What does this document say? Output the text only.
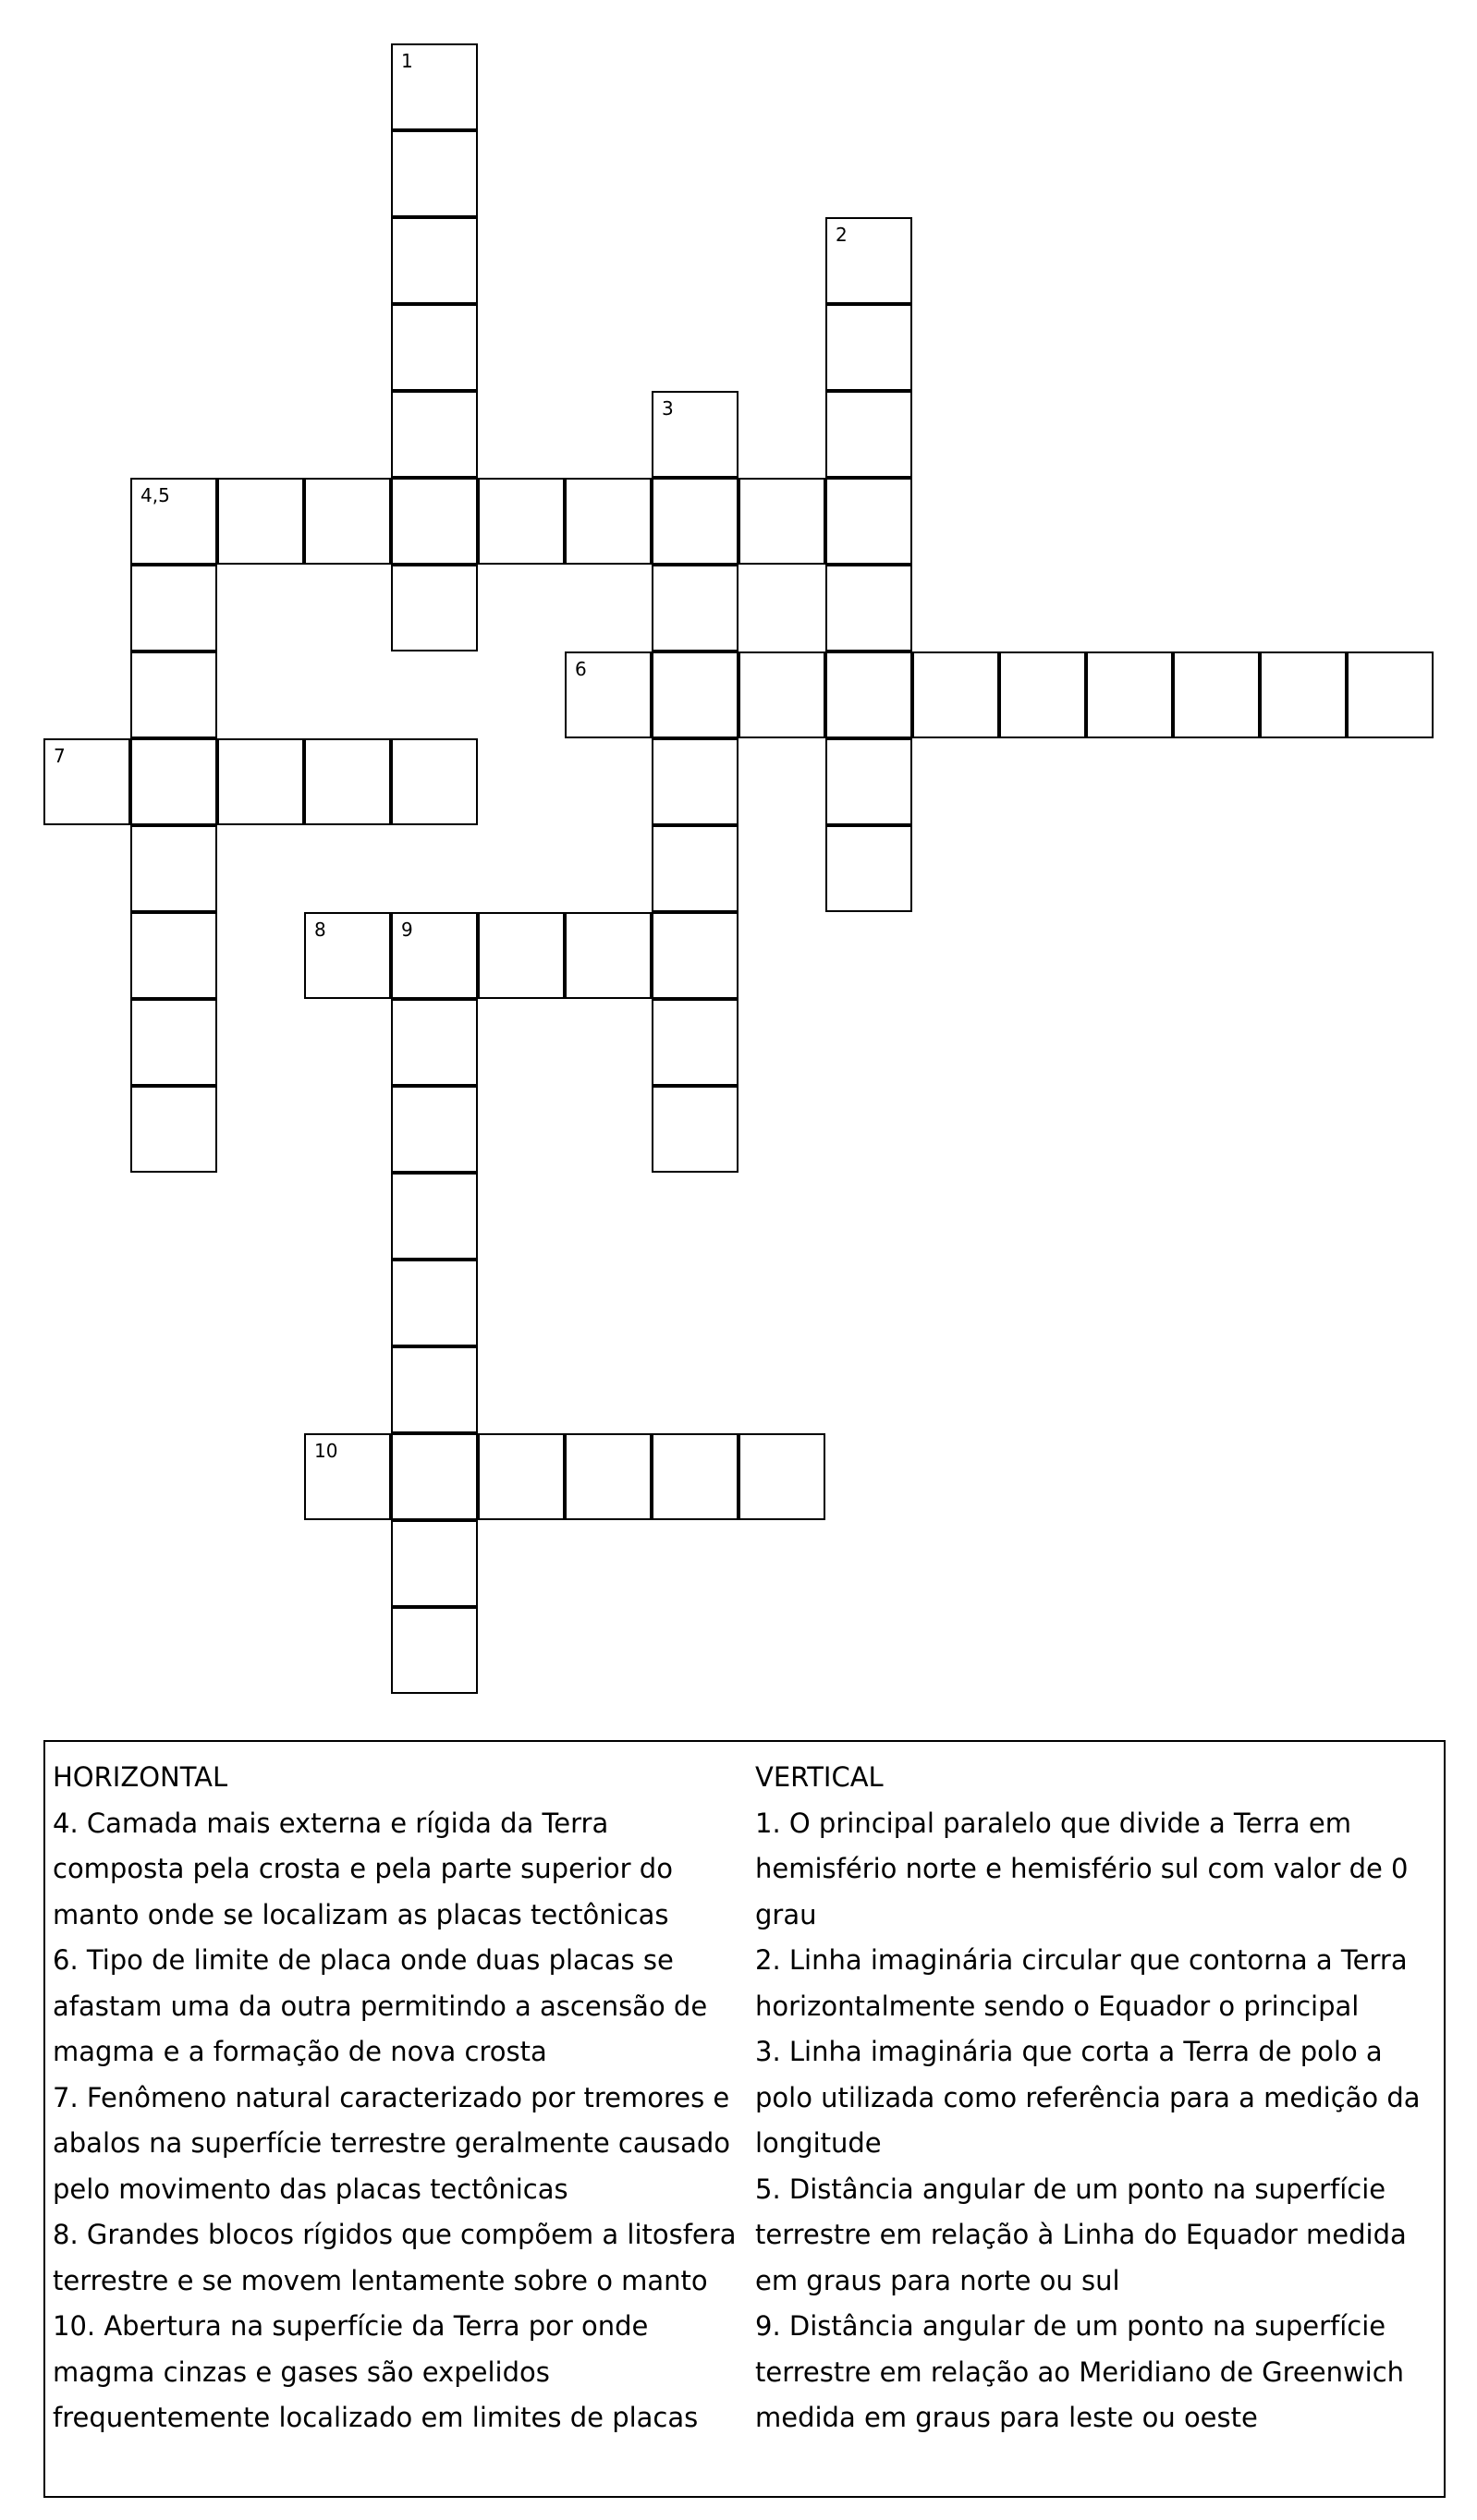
1
2
3
4,5
6
7
8	9
10

HORIZONTAL

4. Camada mais externa e rígida da Terra composta pela crosta e pela parte superior do manto onde se localizam as placas tectônicas

6. Tipo de limite de placa onde duas placas se afastam uma da outra permitindo a ascensão de magma e a formação de nova crosta

7. Fenômeno natural caracterizado por tremores e abalos na superfície terrestre geralmente causado pelo movimento das placas tectônicas

8. Grandes blocos rígidos que compõem a litosfera terrestre e se movem lentamente sobre o manto

10. Abertura na superfície da Terra por onde magma cinzas e gases são expelidos frequentemente localizado em limites de placas

VERTICAL

1. O principal paralelo que divide a Terra em hemisfério norte e hemisfério sul com valor de 0 grau

2. Linha imaginária circular que contorna a Terra horizontalmente sendo o Equador o principal

3. Linha imaginária que corta a Terra de polo a polo utilizada como referência para a medição da longitude

5. Distância angular de um ponto na superfície terrestre em relação à Linha do Equador medida em graus para norte ou sul

9. Distância angular de um ponto na superfície terrestre em relação ao Meridiano de Greenwich medida em graus para leste ou oeste
